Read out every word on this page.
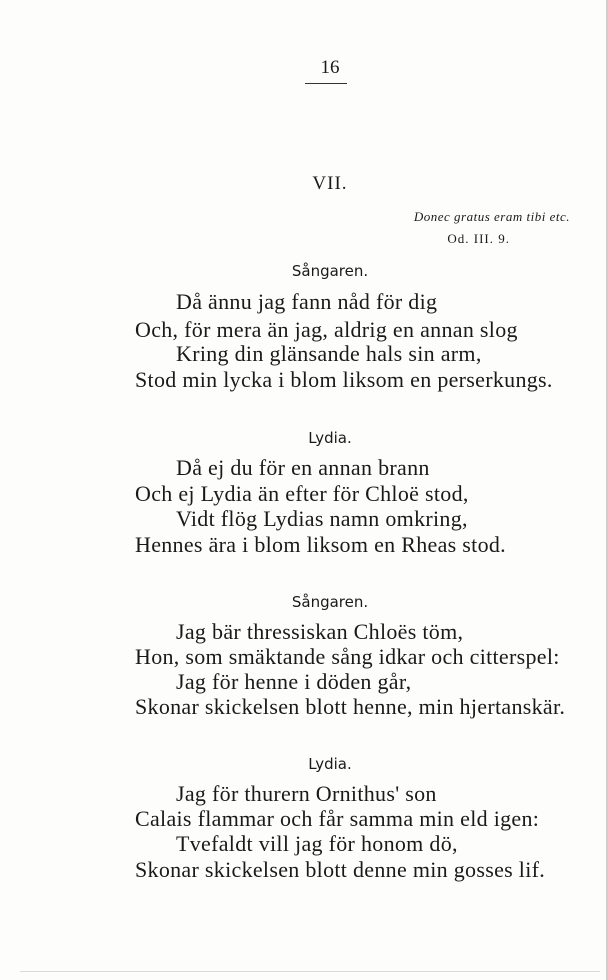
16
VII.
Donec gratus eram tibi etc.
Od. III. 9.
Sångaren.
Då ännu jag fann nåd för dig
Och, för mera än jag, aldrig en annan slog
Kring din glänsande hals sin arm,
Stod min lycka i blom liksom en perserkungs.
Lydia.
Då ej du för en annan brann
Och ej Lydia än efter för Chloë stod,
Vidt flög Lydias namn omkring,
Hennes ära i blom liksom en Rheas stod.
Sångaren.
Jag bär thressiskan Chloës töm,
Hon, som smäktande sång idkar och citterspel:
Jag för henne i döden går,
Skonar skickelsen blott henne, min hjertanskär.
Lydia.
Jag för thurern Ornithus' son
Calais flammar och får samma min eld igen:
Tvefaldt vill jag för honom dö,
Skonar skickelsen blott denne min gosses lif.
